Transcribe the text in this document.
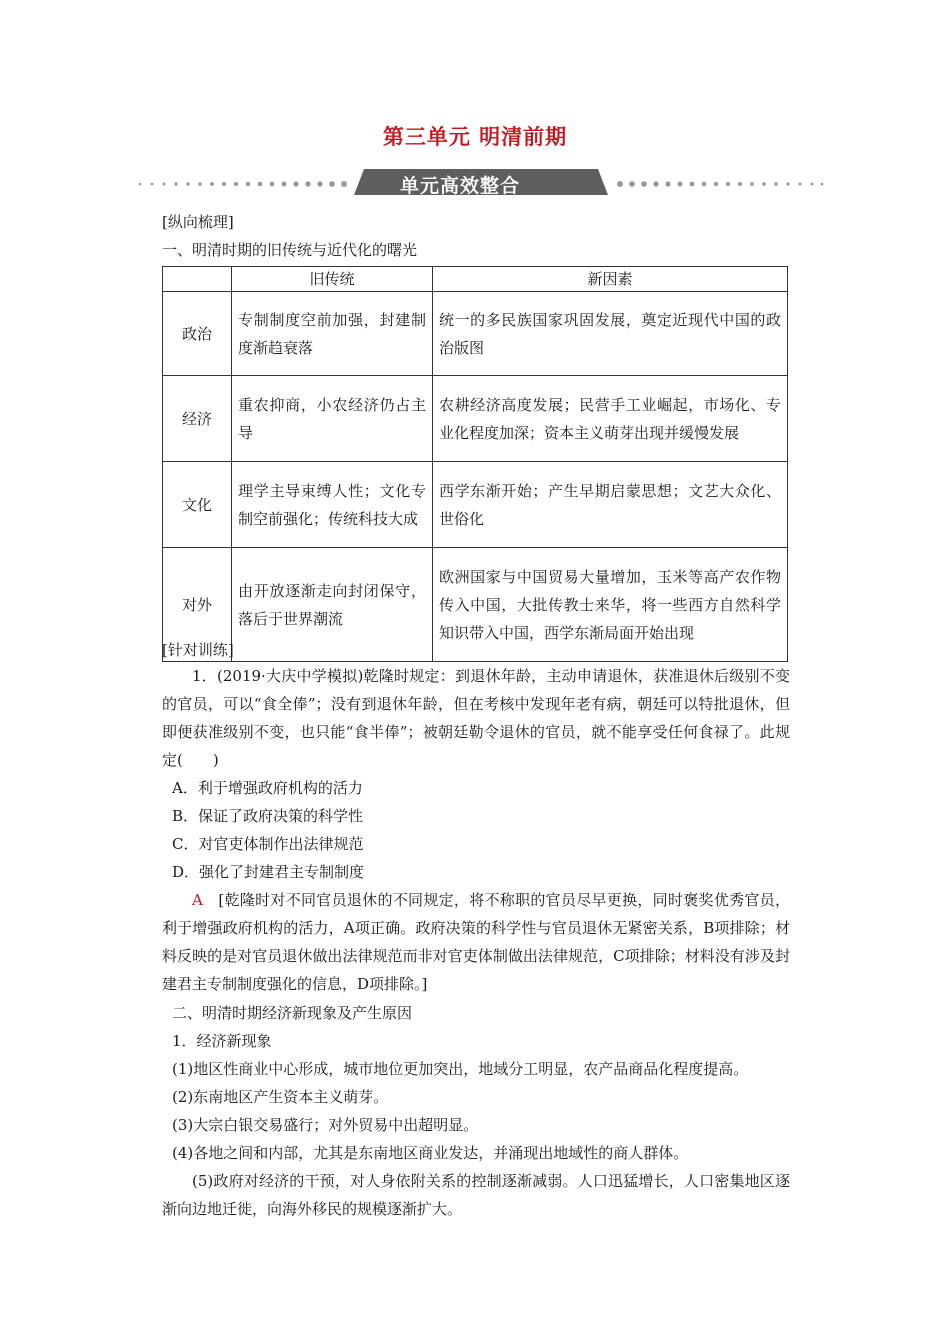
第三单元 明清前期
单元高效整合
[纵向梳理]
一、明清时期的旧传统与近代化的曙光
	旧传统	新因素
政治	专制制度空前加强，封建制度渐趋衰落	统一的多民族国家巩固发展，奠定近现代中国的政治版图
经济	重农抑商，小农经济仍占主导	农耕经济高度发展；民营手工业崛起，市场化、专业化程度加深；资本主义萌芽出现并缓慢发展
文化	理学主导束缚人性；文化专制空前强化；传统科技大成	西学东渐开始；产生早期启蒙思想；文艺大众化、世俗化
对外	由开放逐渐走向封闭保守，落后于世界潮流	欧洲国家与中国贸易大量增加，玉米等高产农作物传入中国，大批传教士来华，将一些西方自然科学知识带入中国，西学东渐局面开始出现
[针对训练]
1．(2019·大庆中学模拟)乾隆时规定：到退休年龄，主动申请退休，获准退休后级别不变的官员，可以“食全俸”；没有到退休年龄，但在考核中发现年老有病，朝廷可以特批退休，但即便获准级别不变，也只能“食半俸”；被朝廷勒令退休的官员，就不能享受任何食禄了。此规定(　　)
A．利于增强政府机构的活力
B．保证了政府决策的科学性
C．对官吏体制作出法律规范
D．强化了封建君主专制制度
A　[乾隆时对不同官员退休的不同规定，将不称职的官员尽早更换，同时褒奖优秀官员，利于增强政府机构的活力，A项正确。政府决策的科学性与官员退休无紧密关系，B项排除；材料反映的是对官员退休做出法律规范而非对官吏体制做出法律规范，C项排除；材料没有涉及封建君主专制制度强化的信息，D项排除。]
二、明清时期经济新现象及产生原因
1．经济新现象
(1)地区性商业中心形成，城市地位更加突出，地域分工明显，农产品商品化程度提高。
(2)东南地区产生资本主义萌芽。
(3)大宗白银交易盛行；对外贸易中出超明显。
(4)各地之间和内部，尤其是东南地区商业发达，并涌现出地域性的商人群体。
(5)政府对经济的干预，对人身依附关系的控制逐渐减弱。人口迅猛增长，人口密集地区逐渐向边地迁徙，向海外移民的规模逐渐扩大。
